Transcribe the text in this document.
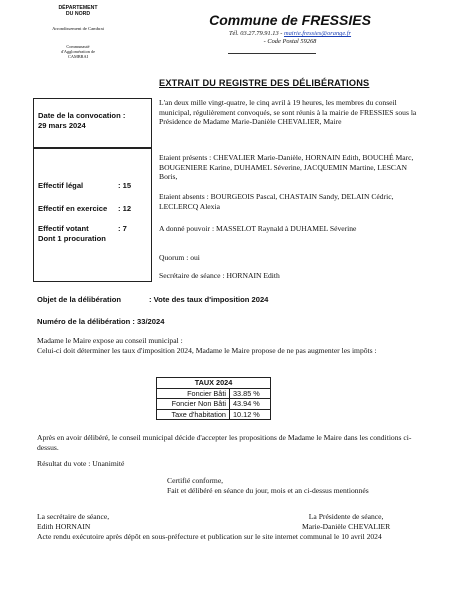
DÉPARTEMENT
DU NORD
Arrondissement de Cambrai
Communauté
d'Agglomération de
CAMBRAI
Commune de FRESSIES
Tél. 03.27.79.91.13 - mairie.fressies@orange.fr
- Code Postal 59268
EXTRAIT DU REGISTRE DES DÉLIBÉRATIONS
Date de la convocation :
29 mars 2024
Effectif légal	: 15
Effectif en exercice : 12
Effectif votant	: 7
Dont 1 procuration
L'an deux mille vingt-quatre, le cinq avril à 19 heures, les membres du conseil municipal, régulièrement convoqués, se sont réunis à la mairie de FRESSIES sous la Présidence de Madame Marie-Danièle CHEVALIER, Maire
Etaient présents : CHEVALIER Marie-Danièle, HORNAIN Edith, BOUCHÉ Marc, BOUGENIERE Karine, DUHAMEL Séverine, JACQUEMIN Martine, LESCAN Boris,
Etaient absents : BOURGEOIS Pascal, CHASTAIN Sandy, DELAIN Cédric, LECLERCQ Alexia
A donné pouvoir : MASSELOT Raynald à DUHAMEL Séverine
Quorum : oui
Secrétaire de séance : HORNAIN Edith
Objet de la délibération	: Vote des taux d'imposition 2024
Numéro de la délibération : 33/2024
Madame le Maire expose au conseil municipal :
Celui-ci doit déterminer les taux d'imposition 2024, Madame le Maire propose de ne pas augmenter les impôts :
TAUX 2024	
Foncier Bâti	33.85 %
Foncier Non Bâti	43.94 %
Taxe d'habitation	10.12 %
Après en avoir délibéré, le conseil municipal décide d'accepter les propositions de Madame le Maire dans les conditions ci-dessus.
Résultat du vote : Unanimité
Certifié conforme,
Fait et délibéré en séance du jour, mois et an ci-dessus mentionnés
La secrétaire de séance,
Edith HORNAIN
La Présidente de séance,
Marie-Danièle CHEVALIER
Acte rendu exécutoire après dépôt en sous-préfecture et publication sur le site internet communal le 10 avril 2024
